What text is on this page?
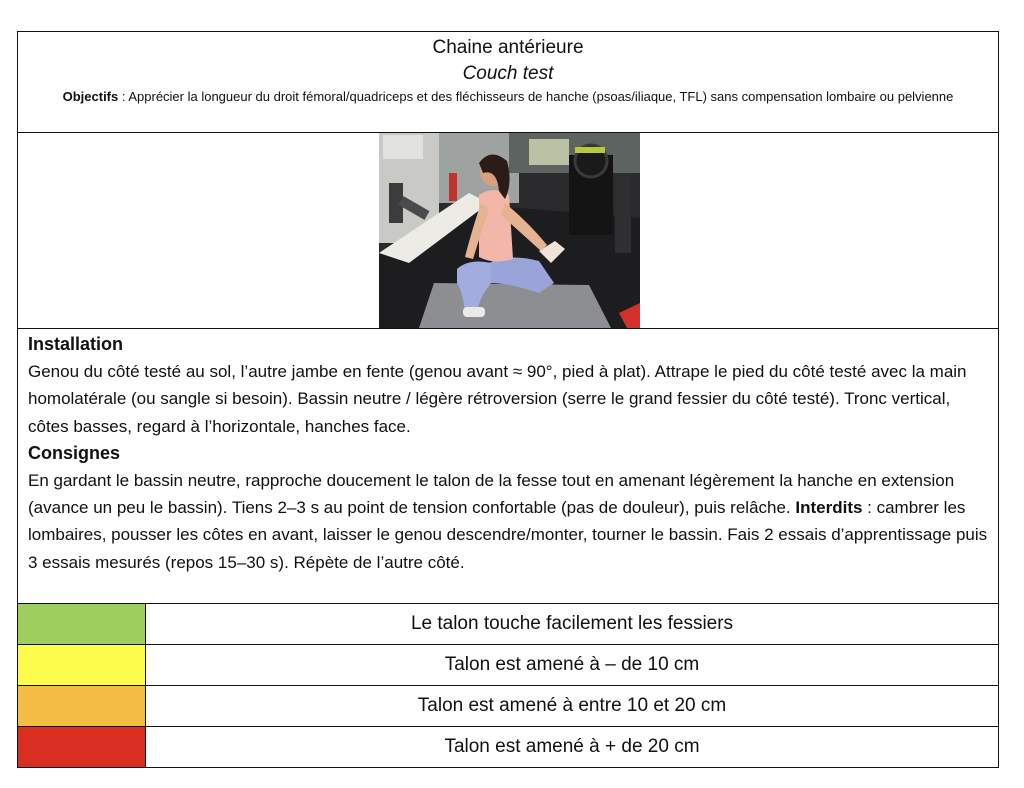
Chaine antérieure
Couch test
Objectifs : Apprécier la longueur du droit fémoral/quadriceps et des fléchisseurs de hanche (psoas/iliaque, TFL) sans compensation lombaire ou pelvienne
Installation

Genou du côté testé au sol, l’autre jambe en fente (genou avant ≈ 90°, pied à plat). Attrape le pied du côté testé avec la main homolatérale (ou sangle si besoin). Bassin neutre / légère rétroversion (serre le grand fessier du côté testé). Tronc vertical, côtes basses, regard à l’horizontale, hanches face.

Consignes

En gardant le bassin neutre, rapproche doucement le talon de la fesse tout en amenant légèrement la hanche en extension (avance un peu le bassin). Tiens 2–3 s au point de tension confortable (pas de douleur), puis relâche. Interdits : cambrer les lombaires, pousser les côtes en avant, laisser le genou descendre/monter, tourner le bassin. Fais 2 essais d’apprentissage puis 3 essais mesurés (repos 15–30 s). Répète de l’autre côté.

Le talon touche facilement les fessiers
Talon est amené à – de 10 cm
Talon est amené à entre 10 et 20 cm
Talon est amené à + de 20 cm
